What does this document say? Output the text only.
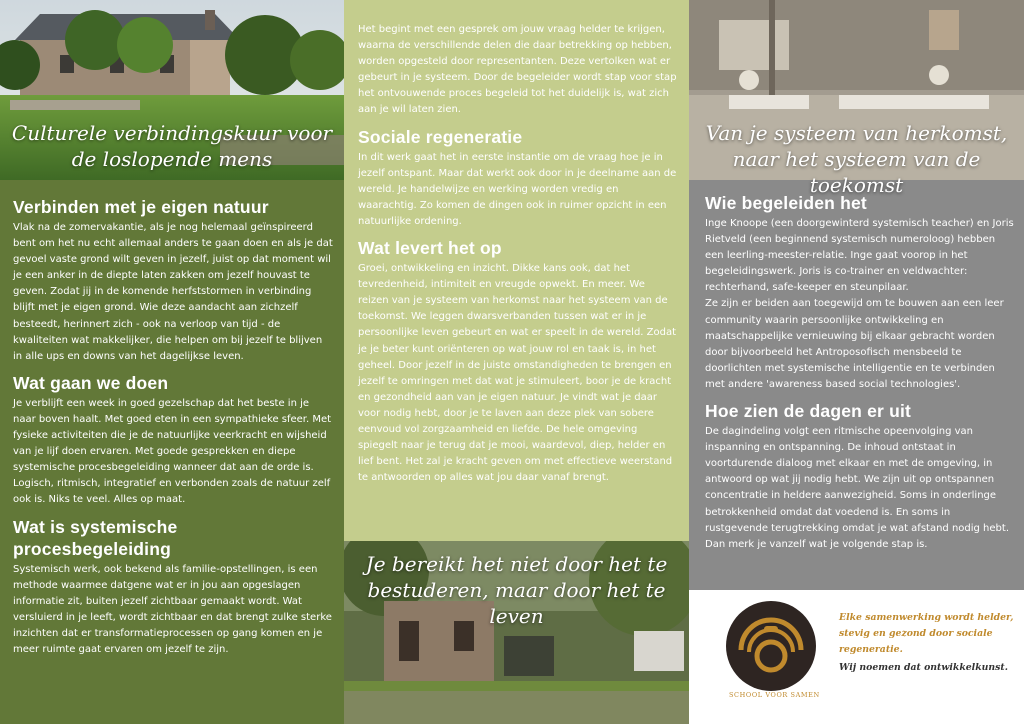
Culturele verbindingskuur voor de loslopende mens
Verbinden met je eigen natuur

Vlak na de zomervakantie, als je nog helemaal geïnspireerd bent om het nu echt allemaal anders te gaan doen en als je dat gevoel vaste grond wilt geven in jezelf, juist op dat moment wil je een anker in de diepte laten zakken om jezelf houvast te geven. Zodat jij in de komende herfststormen in verbinding blijft met je eigen grond. Wie deze aandacht aan zichzelf besteedt, herinnert zich - ook na verloop van tijd - de kwaliteiten wat makkelijker, die helpen om bij jezelf te blijven in alle ups en downs van het dagelijkse leven.

Wat gaan we doen

Je verblijft een week in goed gezelschap dat het beste in je naar boven haalt. Met goed eten in een sympathieke sfeer. Met fysieke activiteiten die je de natuurlijke veerkracht en wijsheid van je lijf doen ervaren. Met goede gesprekken en diepe systemische procesbegeleiding wanneer dat aan de orde is. Logisch, ritmisch, integratief en verbonden zoals de natuur zelf ook is. Niks te veel. Alles op maat.

Wat is systemische procesbegeleiding

Systemisch werk, ook bekend als familie-opstellingen, is een methode waarmee datgene wat er in jou aan opgeslagen informatie zit, buiten jezelf zichtbaar gemaakt wordt. Wat versluierd in je leeft, wordt zichtbaar en dat brengt zulke sterke inzichten dat er transformatieprocessen op gang komen en je meer ruimte gaat ervaren om jezelf te zijn.

Het begint met een gesprek om jouw vraag helder te krijgen, waarna de verschillende delen die daar betrekking op hebben, worden opgesteld door representanten. Deze vertolken wat er gebeurt in je systeem. Door de begeleider wordt stap voor stap het ontvouwende proces begeleid tot het duidelijk is, wat zich aan je wil laten zien.

Sociale regeneratie

In dit werk gaat het in eerste instantie om de vraag hoe je in jezelf ontspant. Maar dat werkt ook door in je deelname aan de wereld. Je handelwijze en werking worden vredig en waarachtig. Zo komen de dingen ook in ruimer opzicht in een natuurlijke ordening.

Wat levert het op

Groei, ontwikkeling en inzicht. Dikke kans ook, dat het tevredenheid, intimiteit en vreugde opwekt. En meer. We reizen van je systeem van herkomst naar het systeem van de toekomst. We leggen dwarsverbanden tussen wat er in je persoonlijke leven gebeurt en wat er speelt in de wereld. Zodat je je beter kunt oriënteren op wat jouw rol en taak is, in het geheel. Door jezelf in de juiste omstandigheden te brengen en jezelf te omringen met dat wat je stimuleert, boor je de kracht en gezondheid aan van je eigen natuur. Je vindt wat je daar voor nodig hebt, door je te laven aan deze plek van sobere eenvoud vol zorgzaamheid en liefde. De hele omgeving spiegelt naar je terug dat je mooi, waardevol, diep, helder en lief bent. Het zal je kracht geven om met effectieve weerstand te antwoorden op alles wat jou daar vanaf brengt.

Je bereikt het niet door het te bestuderen, maar door het te leven
Van je systeem van herkomst, naar het systeem van de toekomst
Wie begeleiden het

Inge Knoope (een doorgewinterd systemisch teacher) en Joris Rietveld (een beginnend systemisch numeroloog) hebben een leerling-meester-relatie. Inge gaat voorop in het begeleidingswerk. Joris is co-trainer en veldwachter: rechterhand, safe-keeper en steunpilaar.

Ze zijn er beiden aan toegewijd om te bouwen aan een leer community waarin persoonlijke ontwikkeling en maatschappelijke vernieuwing bij elkaar gebracht worden door bijvoorbeeld het Antroposofisch mensbeeld te doorlichten met systemische intelligentie en te verbinden met andere 'awareness based social technologies'.

Hoe zien de dagen er uit

De dagindeling volgt een ritmische opeenvolging van inspanning en ontspanning. De inhoud ontstaat in voortdurende dialoog met elkaar en met de omgeving, in antwoord op wat jij nodig hebt. We zijn uit op ontspannen concentratie in heldere aanwezigheid. Soms in onderlinge betrokkenheid omdat dat voedend is. En soms in rustgevende terugtrekking omdat je wat afstand nodig hebt. Dan merk je vanzelf wat je volgende stap is.

SCHOOL VOOR SAMEN
Elke samenwerking wordt helder, stevig en gezond door sociale regeneratie.
Wij noemen dat ontwikkelkunst.
